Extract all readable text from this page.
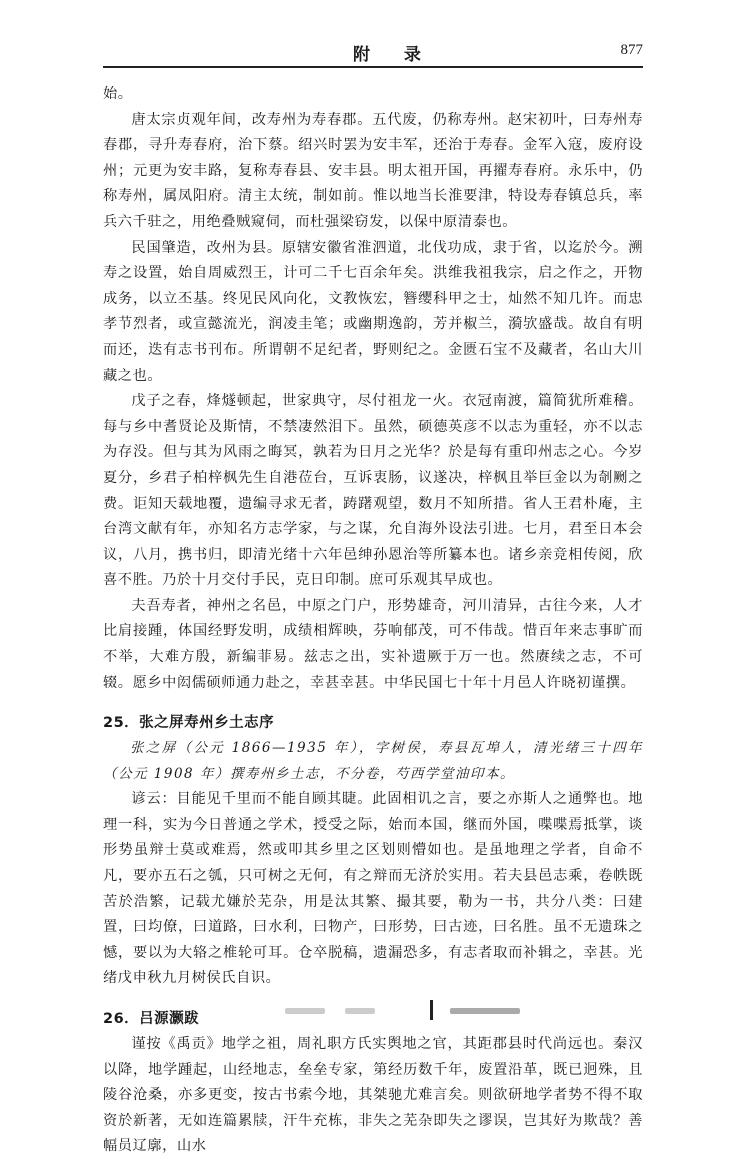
附 录	877

始。

唐太宗贞观年间，改寿州为寿春郡。五代废，仍称寿州。赵宋初叶，曰寿州寿春郡，寻升寿春府，治下蔡。绍兴时罢为安丰军，还治于寿春。金军入寇，废府设州；元更为安丰路，复称寿春县、安丰县。明太祖开国，再擢寿春府。永乐中，仍称寿州，属凤阳府。清主太统，制如前。惟以地当长淮要津，特设寿春镇总兵，率兵六千驻之，用绝叠贼窥伺，而杜强梁窃发，以保中原清泰也。

民国肇造，改州为县。原辖安徽省淮泗道，北伐功成，隶于省，以迄於今。溯寿之设置，始自周威烈王，计可二千七百余年矣。洪维我祖我宗，启之作之，开物成务，以立丕基。终见民风向化，文教恢宏，簪缨科甲之士，灿然不知几许。而忠孝节烈者，或宣懿流光，润凌圭笔；或幽期逸韵，芳并椒兰，漪欤盛哉。故自有明而还，迭有志书刊布。所谓朝不足纪者，野则纪之。金匮石宝不及藏者，名山大川藏之也。

戊子之春，烽燧顿起，世家典守，尽付祖龙一火。衣冠南渡，篇简犹所难稽。每与乡中耆贤论及斯情，不禁凄然泪下。虽然，硕德英彦不以志为重轻，亦不以志为存没。但与其为风雨之晦冥，孰若为日月之光华？於是每有重印州志之心。今岁夏分，乡君子柏梓枫先生自港莅台，互诉衷肠，议遂决，梓枫且举巨金以为剞劂之费。讵知天载地覆，遗编寻求无者，踌躇观望，数月不知所措。省人王君朴庵，主台湾文献有年，亦知名方志学家，与之谋，允自海外设法引进。七月，君至日本会议，八月，携书归，即清光绪十六年邑绅孙恩治等所纂本也。诸乡亲竞相传阅，欣喜不胜。乃於十月交付手民，克日印制。庶可乐观其早成也。

夫吾寿者，神州之名邑，中原之门户，形势雄奇，河川清异，古往今来，人才比肩接踵，体国经野发明，成绩相辉映，芬响郁茂，可不伟哉。惜百年来志事旷而不举，大难方殷，新编菲易。兹志之出，实补遗厥于万一也。然赓续之志，不可辍。愿乡中闳儒硕师通力赴之，幸甚幸甚。中华民国七十年十月邑人许晓初谨撰。

25．张之屏寿州乡土志序

张之屏（公元 1866—1935 年），字树侯，寿县瓦埠人，清光绪三十四年（公元 1908 年）撰寿州乡土志，不分卷，芍西学堂油印本。

谚云：目能见千里而不能自顾其睫。此固相讥之言，要之亦斯人之通弊也。地理一科，实为今日普通之学术，授受之际，始而本国，继而外国，喋喋焉抵掌，谈形势虽辩士莫或难焉，然或叩其乡里之区划则懵如也。是虽地理之学者，自命不凡，要亦五石之瓠，只可树之无何，有之辩而无济於实用。若夫县邑志乘，卷帙既苦於浩繁，记载尤嫌於芜杂，用是汰其繁、撮其要，勒为一书，共分八类：曰建置，曰均僚，曰道路，曰水利，曰物产，曰形势，曰古迹，曰名胜。虽不无遗珠之憾，要以为大辂之椎轮可耳。仓卒脱稿，遗漏恐多，有志者取而补辑之，幸甚。光绪戊申秋九月树侯氏自识。

26．吕源灏跋

谨按《禹贡》地学之祖，周礼职方氏实舆地之官，其距郡县时代尚远也。秦汉以降，地学踵起，山经地志，垒垒专家，第经历数千年，废置沿革，既已迥殊，且陵谷沧桑，亦多更变，按古书索今地，其桀驰尤难言矣。则欲研地学者势不得不取资於新著，无如连篇累牍，汗牛充栋，非失之芜杂即失之谬误，岂其好为欺哉？善幅员辽廓，山水
